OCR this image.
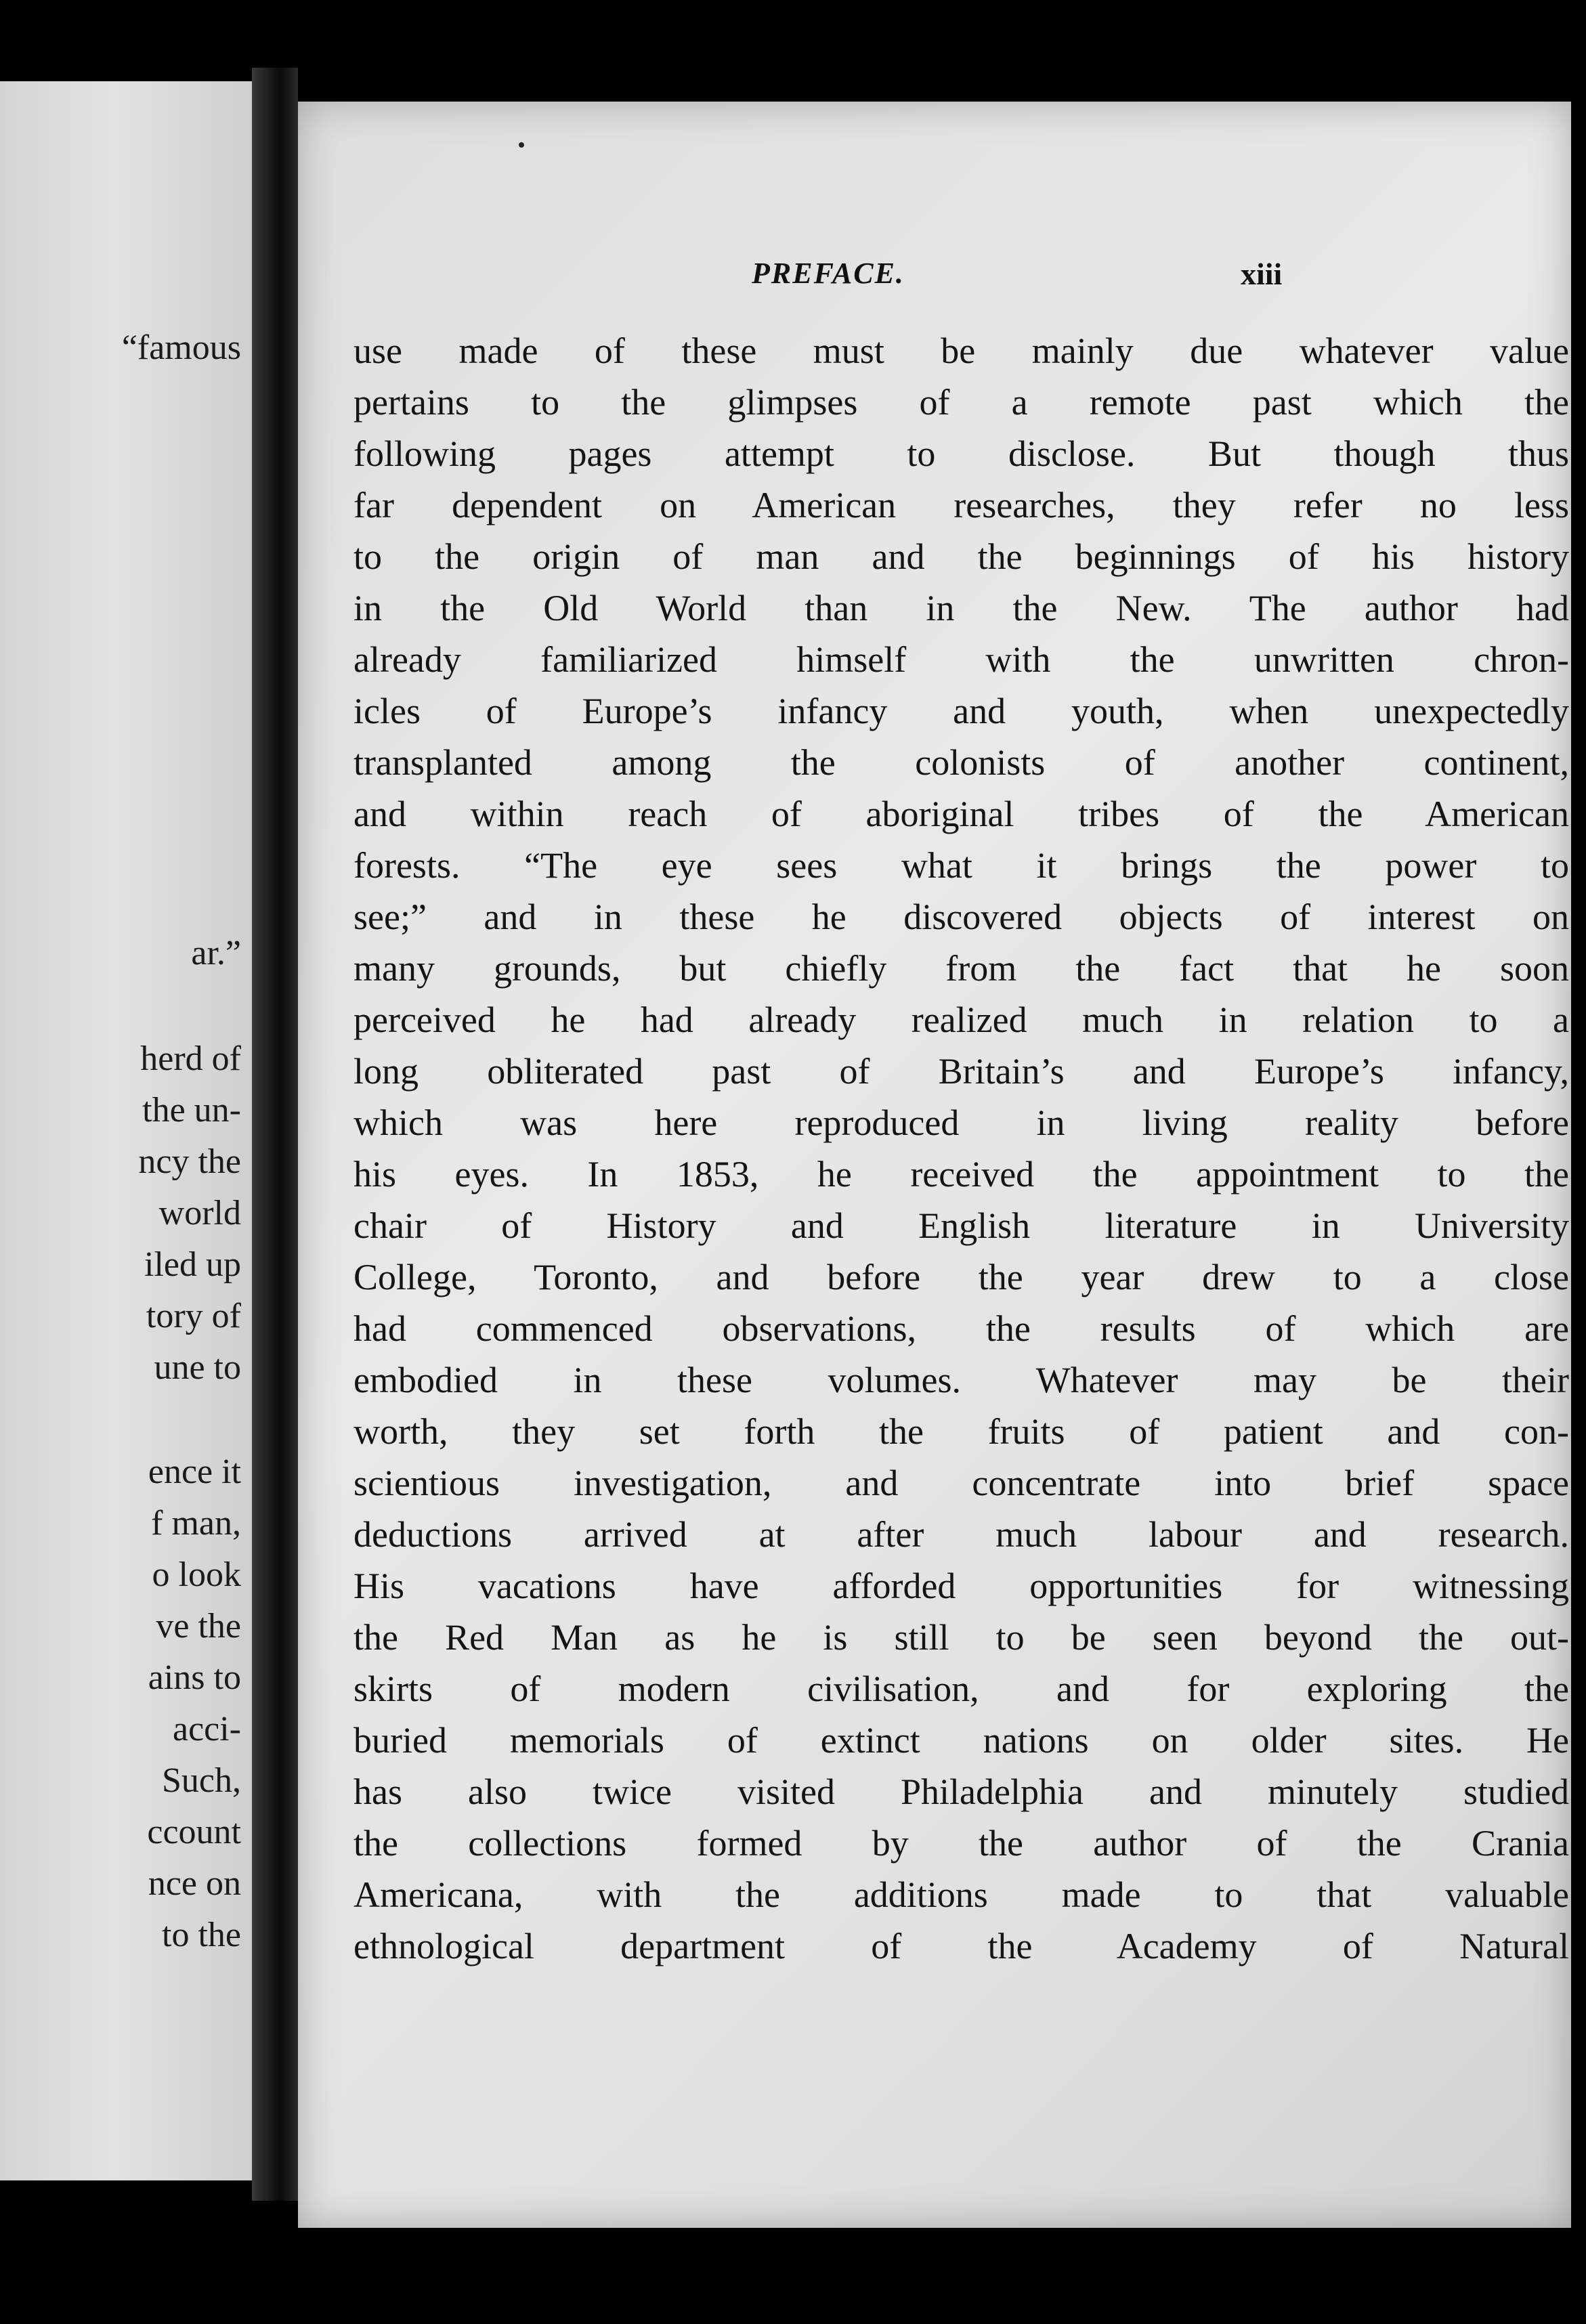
“famous
ar.”
herd of
the un-
ncy the
world
iled up
tory of
une to
ence it
f man,
o look
ve the
ains to
acci-
Such,
ccount
nce on
to the
PREFACE.	xiii
use made of these must be mainly due whatever value
pertains to the glimpses of a remote past which the
following pages attempt to disclose. But though thus
far dependent on American researches, they refer no less
to the origin of man and the beginnings of his history
in the Old World than in the New. The author had
already familiarized himself with the unwritten chron-
icles of Europe’s infancy and youth, when unexpectedly
transplanted among the colonists of another continent,
and within reach of aboriginal tribes of the American
forests. “The eye sees what it brings the power to
see;” and in these he discovered objects of interest on
many grounds, but chiefly from the fact that he soon
perceived he had already realized much in relation to a
long obliterated past of Britain’s and Europe’s infancy,
which was here reproduced in living reality before
his eyes. In 1853, he received the appointment to the
chair of History and English literature in University
College, Toronto, and before the year drew to a close
had commenced observations, the results of which are
embodied in these volumes. Whatever may be their
worth, they set forth the fruits of patient and con-
scientious investigation, and concentrate into brief space
deductions arrived at after much labour and research.
His vacations have afforded opportunities for witnessing
the Red Man as he is still to be seen beyond the out-
skirts of modern civilisation, and for exploring the
buried memorials of extinct nations on older sites. He
has also twice visited Philadelphia and minutely studied
the collections formed by the author of the Crania
Americana, with the additions made to that valuable
ethnological department of the Academy of Natural
